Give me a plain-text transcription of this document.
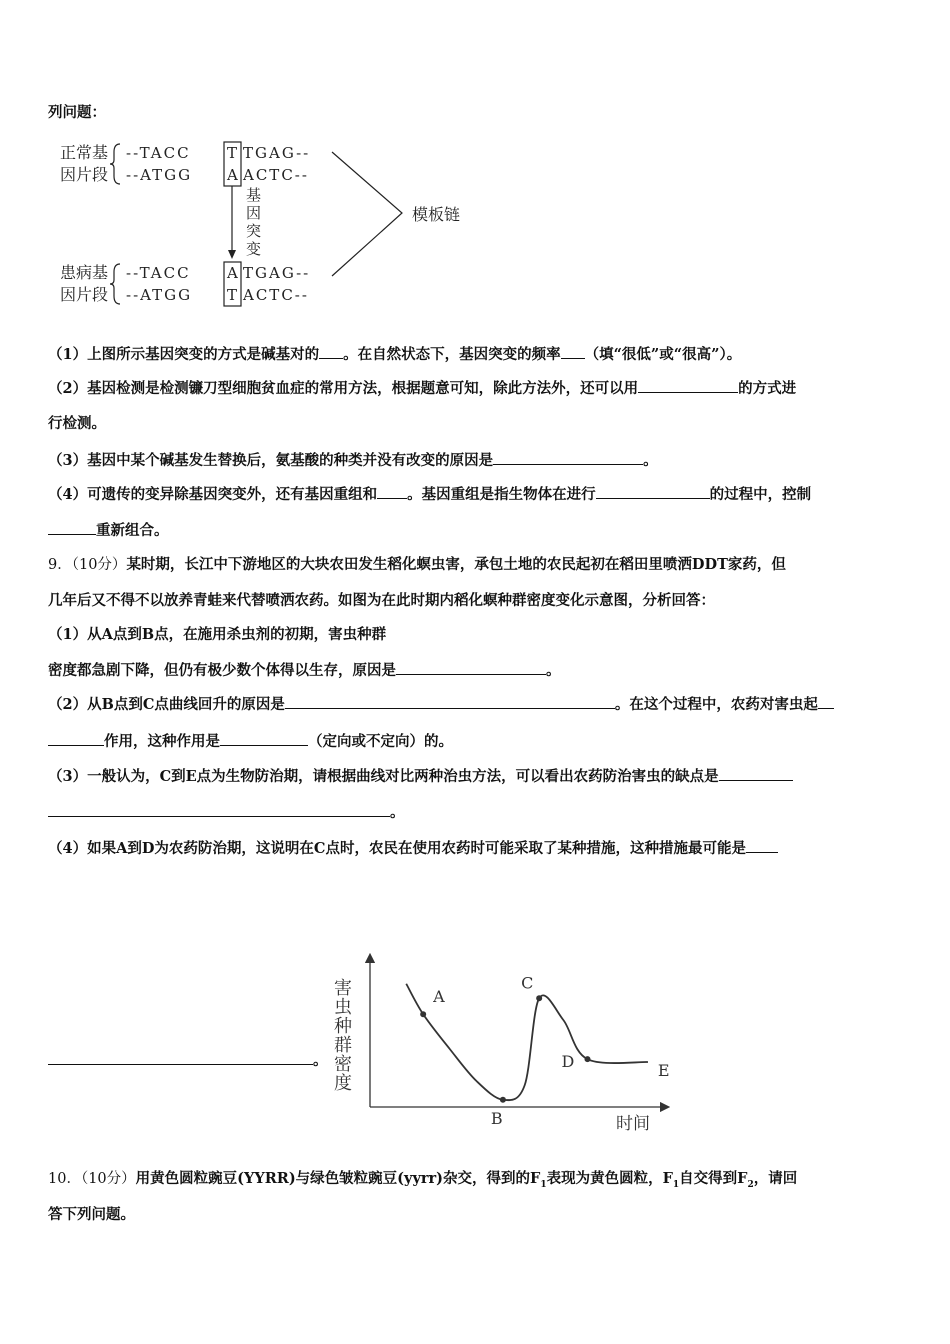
列问题：
正常基
因片段
患病基
因片段
--TACC T TGAG--
--ATGG A ACTC--
--TACC A TGAG--
--ATGG T ACTC--
基
因
突
变
模板链
（1）上图所示基因突变的方式是碱基对的 。在自然状态下，基因突变的频率 （填“很低”或“很高”）。
（2）基因检测是检测镰刀型细胞贫血症的常用方法，根据题意可知，除此方法外，还可以用	的方式进
行检测。
（3）基因中某个碱基发生替换后，氨基酸的种类并没有改变的原因是	。
（4）可遗传的变异除基因突变外，还有基因重组和 。基因重组是指生物体在进行	的过程中，控制
重新组合。
9．（10分）某时期，长江中下游地区的大块农田发生稻化螟虫害，承包土地的农民起初在稻田里喷洒DDT家药，但
几年后又不得不以放养青蛙来代替喷洒农药。如图为在此时期内稻化螟种群密度变化示意图，分析回答：
（1）从A点到B点，在施用杀虫剂的初期，害虫种群
密度都急剧下降，但仍有极少数个体得以生存，原因是	。
（2）从B点到C点曲线回升的原因是	。在这个过程中，农药对害虫起
作用，这种作用是	（定向或不定向）的。
（3）一般认为，C到E点为生物防治期，请根据曲线对比两种治虫方法，可以看出农药防治害虫的缺点是
。
（4）如果A到D为农药防治期，这说明在C点时，农民在使用农药时可能采取了某种措施，这种措施最可能是
。
害
虫
种
群
密
度
时间
A
B
C
D	E
10．（10分）用黄色圆粒豌豆(YYRR)与绿色皱粒豌豆(yyrr)杂交，得到的$F_1$表现为黄色圆粒，$F_1$自交得到$F_2$，请回
答下列问题。
